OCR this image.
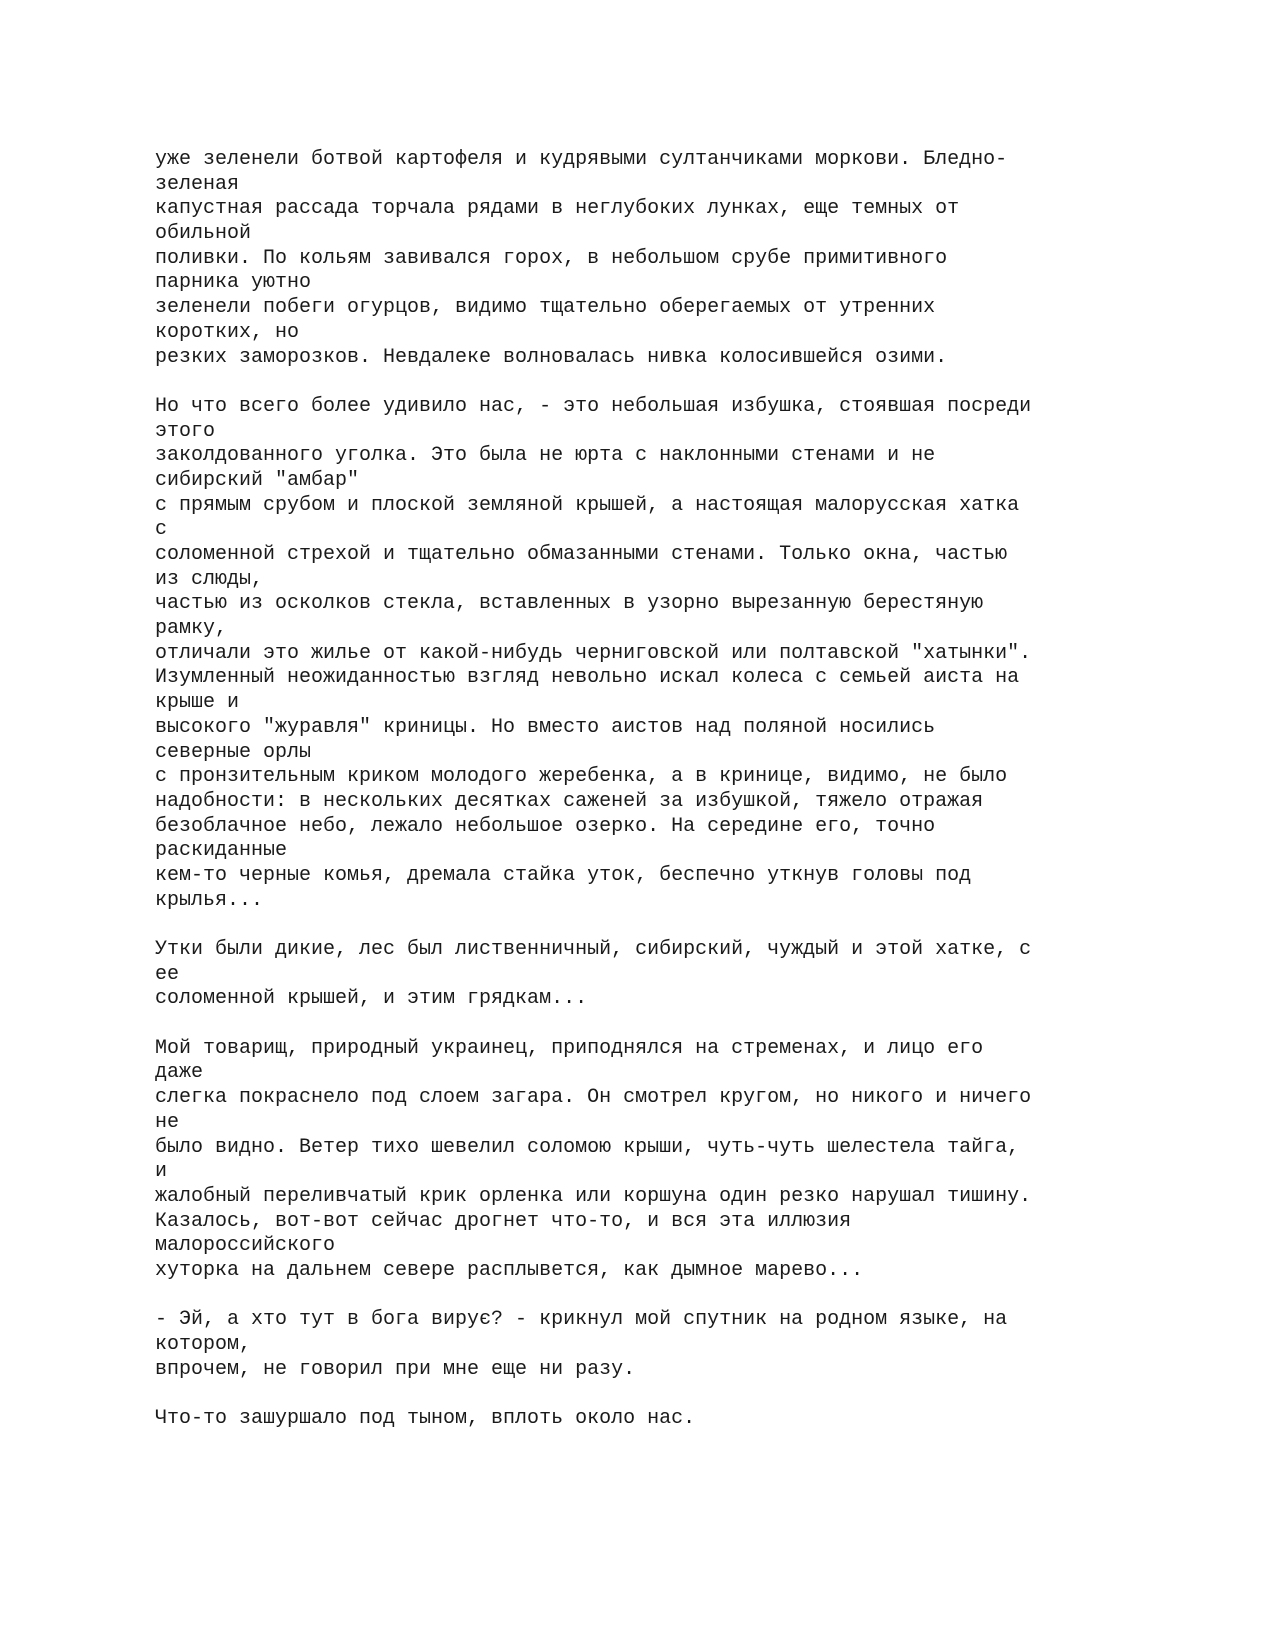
уже зеленели ботвой картофеля и кудрявыми султанчиками моркови. Бледно-
зеленая
капустная рассада торчала рядами в неглубоких лунках, еще темных от
обильной
поливки. По кольям завивался горох, в небольшом срубе примитивного
парника уютно
зеленели побеги огурцов, видимо тщательно оберегаемых от утренних
коротких, но
резких заморозков. Невдалеке волновалась нивка колосившейся озими.

Но что всего более удивило нас, - это небольшая избушка, стоявшая посреди
этого
заколдованного уголка. Это была не юрта с наклонными стенами и не
сибирский "амбар"
с прямым срубом и плоской земляной крышей, а настоящая малорусская хатка
с
соломенной стрехой и тщательно обмазанными стенами. Только окна, частью
из слюды,
частью из осколков стекла, вставленных в узорно вырезанную берестяную
рамку,
отличали это жилье от какой-нибудь черниговской или полтавской "хатынки".
Изумленный неожиданностью взгляд невольно искал колеса с семьей аиста на
крыше и
высокого "журавля" криницы. Но вместо аистов над поляной носились
северные орлы
с пронзительным криком молодого жеребенка, а в кринице, видимо, не было
надобности: в нескольких десятках саженей за избушкой, тяжело отражая
безоблачное небо, лежало небольшое озерко. На середине его, точно
раскиданные
кем-то черные комья, дремала стайка уток, беспечно уткнув головы под
крылья...

Утки были дикие, лес был лиственничный, сибирский, чуждый и этой хатке, с
ее
соломенной крышей, и этим грядкам...

Мой товарищ, природный украинец, приподнялся на стременах, и лицо его
даже
слегка покраснело под слоем загара. Он смотрел кругом, но никого и ничего
не
было видно. Ветер тихо шевелил соломою крыши, чуть-чуть шелестела тайга,
и
жалобный переливчатый крик орленка или коршуна один резко нарушал тишину.
Казалось, вот-вот сейчас дрогнет что-то, и вся эта иллюзия
малороссийского
хуторка на дальнем севере расплывется, как дымное марево...

- Эй, а хто тут в бога вирує? - крикнул мой спутник на родном языке, на
котором,
впрочем, не говорил при мне еще ни разу.

Что-то зашуршало под тыном, вплоть около нас.
